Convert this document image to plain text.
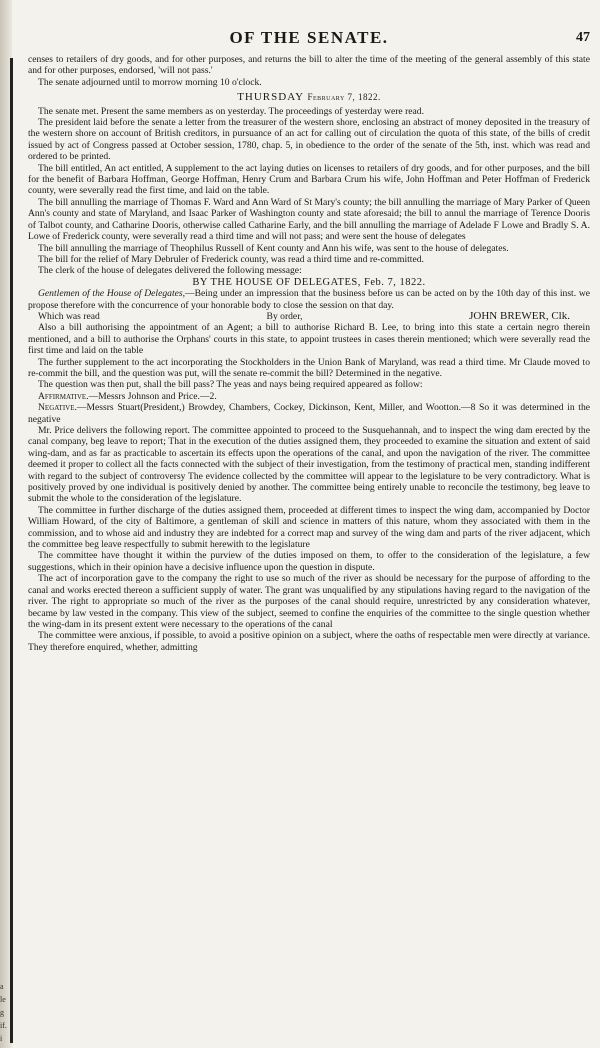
a
le
g
if.
i
OF THE SENATE.	47

censes to retailers of dry goods, and for other purposes, and returns the bill to alter the time of the meeting of the general assembly of this state and for other purposes, endorsed, 'will not pass.'

The senate adjourned until to morrow morning 10 o'clock.

THURSDAY February 7, 1822.

The senate met. Present the same members as on yesterday. The proceedings of yesterday were read.

The president laid before the senate a letter from the treasurer of the western shore, enclosing an abstract of money deposited in the treasury of the western shore on account of British creditors, in pursuance of an act for calling out of circulation the quota of this state, of the bills of credit issued by act of Congress passed at October session, 1780, chap. 5, in obedience to the order of the senate of the 5th, inst. which was read and ordered to be printed.

The bill entitled, An act entitled, A supplement to the act laying duties on licenses to retailers of dry goods, and for other purposes, and the bill for the benefit of Barbara Hoffman, George Hoffman, Henry Crum and Barbara Crum his wife, John Hoffman and Peter Hoffman of Frederick county, were severally read the first time, and laid on the table.

The bill annulling the marriage of Thomas F. Ward and Ann Ward of St Mary's county; the bill annulling the marriage of Mary Parker of Queen Ann's county and state of Maryland, and Isaac Parker of Washington county and state aforesaid; the bill to annul the marriage of Terence Dooris of Talbot county, and Catharine Dooris, otherwise called Catharine Early, and the bill annulling the marriage of Adelade F Lowe and Bradly S. A. Lowe of Frederick county, were severally read a third time and will not pass; and were sent the house of delegates

The bill annulling the marriage of Theophilus Russell of Kent county and Ann his wife, was sent to the house of delegates.

The bill for the relief of Mary Debruler of Frederick county, was read a third time and re-committed.

The clerk of the house of delegates delivered the following message:

BY THE HOUSE OF DELEGATES, Feb. 7, 1822.

Gentlemen of the House of Delegates,—Being under an impression that the business before us can be acted on by the 10th day of this inst. we propose therefore with the concurrence of your honorable body to close the session on that day.

Which was read	By order,	JOHN BREWER, Clk.

Also a bill authorising the appointment of an Agent; a bill to authorise Richard B. Lee, to bring into this state a certain negro therein mentioned, and a bill to authorise the Orphans' courts in this state, to appoint trustees in cases therein mentioned; which were severally read the first time and laid on the table

The further supplement to the act incorporating the Stockholders in the Union Bank of Maryland, was read a third time. Mr Claude moved to re-commit the bill, and the question was put, will the senate re-commit the bill? Determined in the negative.

The question was then put, shall the bill pass? The yeas and nays being required appeared as follow:

Affirmative.—Messrs Johnson and Price.—2.

Negative.—Messrs Stuart(President,) Browdey, Chambers, Cockey, Dickinson, Kent, Miller, and Wootton.—8 So it was determined in the negative

Mr. Price delivers the following report. The committee appointed to proceed to the Susquehannah, and to inspect the wing dam erected by the canal company, beg leave to report; That in the execution of the duties assigned them, they proceeded to examine the situation and extent of said wing-dam, and as far as practicable to ascertain its effects upon the operations of the canal, and upon the navigation of the river. The committee deemed it proper to collect all the facts connected with the subject of their investigation, from the testimony of practical men, standing indifferent with regard to the subject of controversy The evidence collected by the committee will appear to the legislature to be very contradictory. What is positively proved by one individual is positively denied by another. The committee being entirely unable to reconcile the testimony, beg leave to submit the whole to the consideration of the legislature.

The committee in further discharge of the duties assigned them, proceeded at different times to inspect the wing dam, accompanied by Doctor William Howard, of the city of Baltimore, a gentleman of skill and science in matters of this nature, whom they associated with them in the commission, and to whose aid and industry they are indebted for a correct map and survey of the wing dam and parts of the river adjacent, which the committee beg leave respectfully to submit herewith to the legislature

The committee have thought it within the purview of the duties imposed on them, to offer to the consideration of the legislature, a few suggestions, which in their opinion have a decisive influence upon the question in dispute.

The act of incorporation gave to the company the right to use so much of the river as should be necessary for the purpose of affording to the canal and works erected thereon a sufficient supply of water. The grant was unqualified by any stipulations having regard to the navigation of the river. The right to appropriate so much of the river as the purposes of the canal should require, unrestricted by any consideration whatever, became by law vested in the company. This view of the subject, seemed to confine the enquiries of the committee to the single question whether the wing-dam in its present extent were necessary to the operations of the canal

The committee were anxious, if possible, to avoid a positive opinion on a subject, where the oaths of respectable men were directly at variance. They therefore enquired, whether, admitting
